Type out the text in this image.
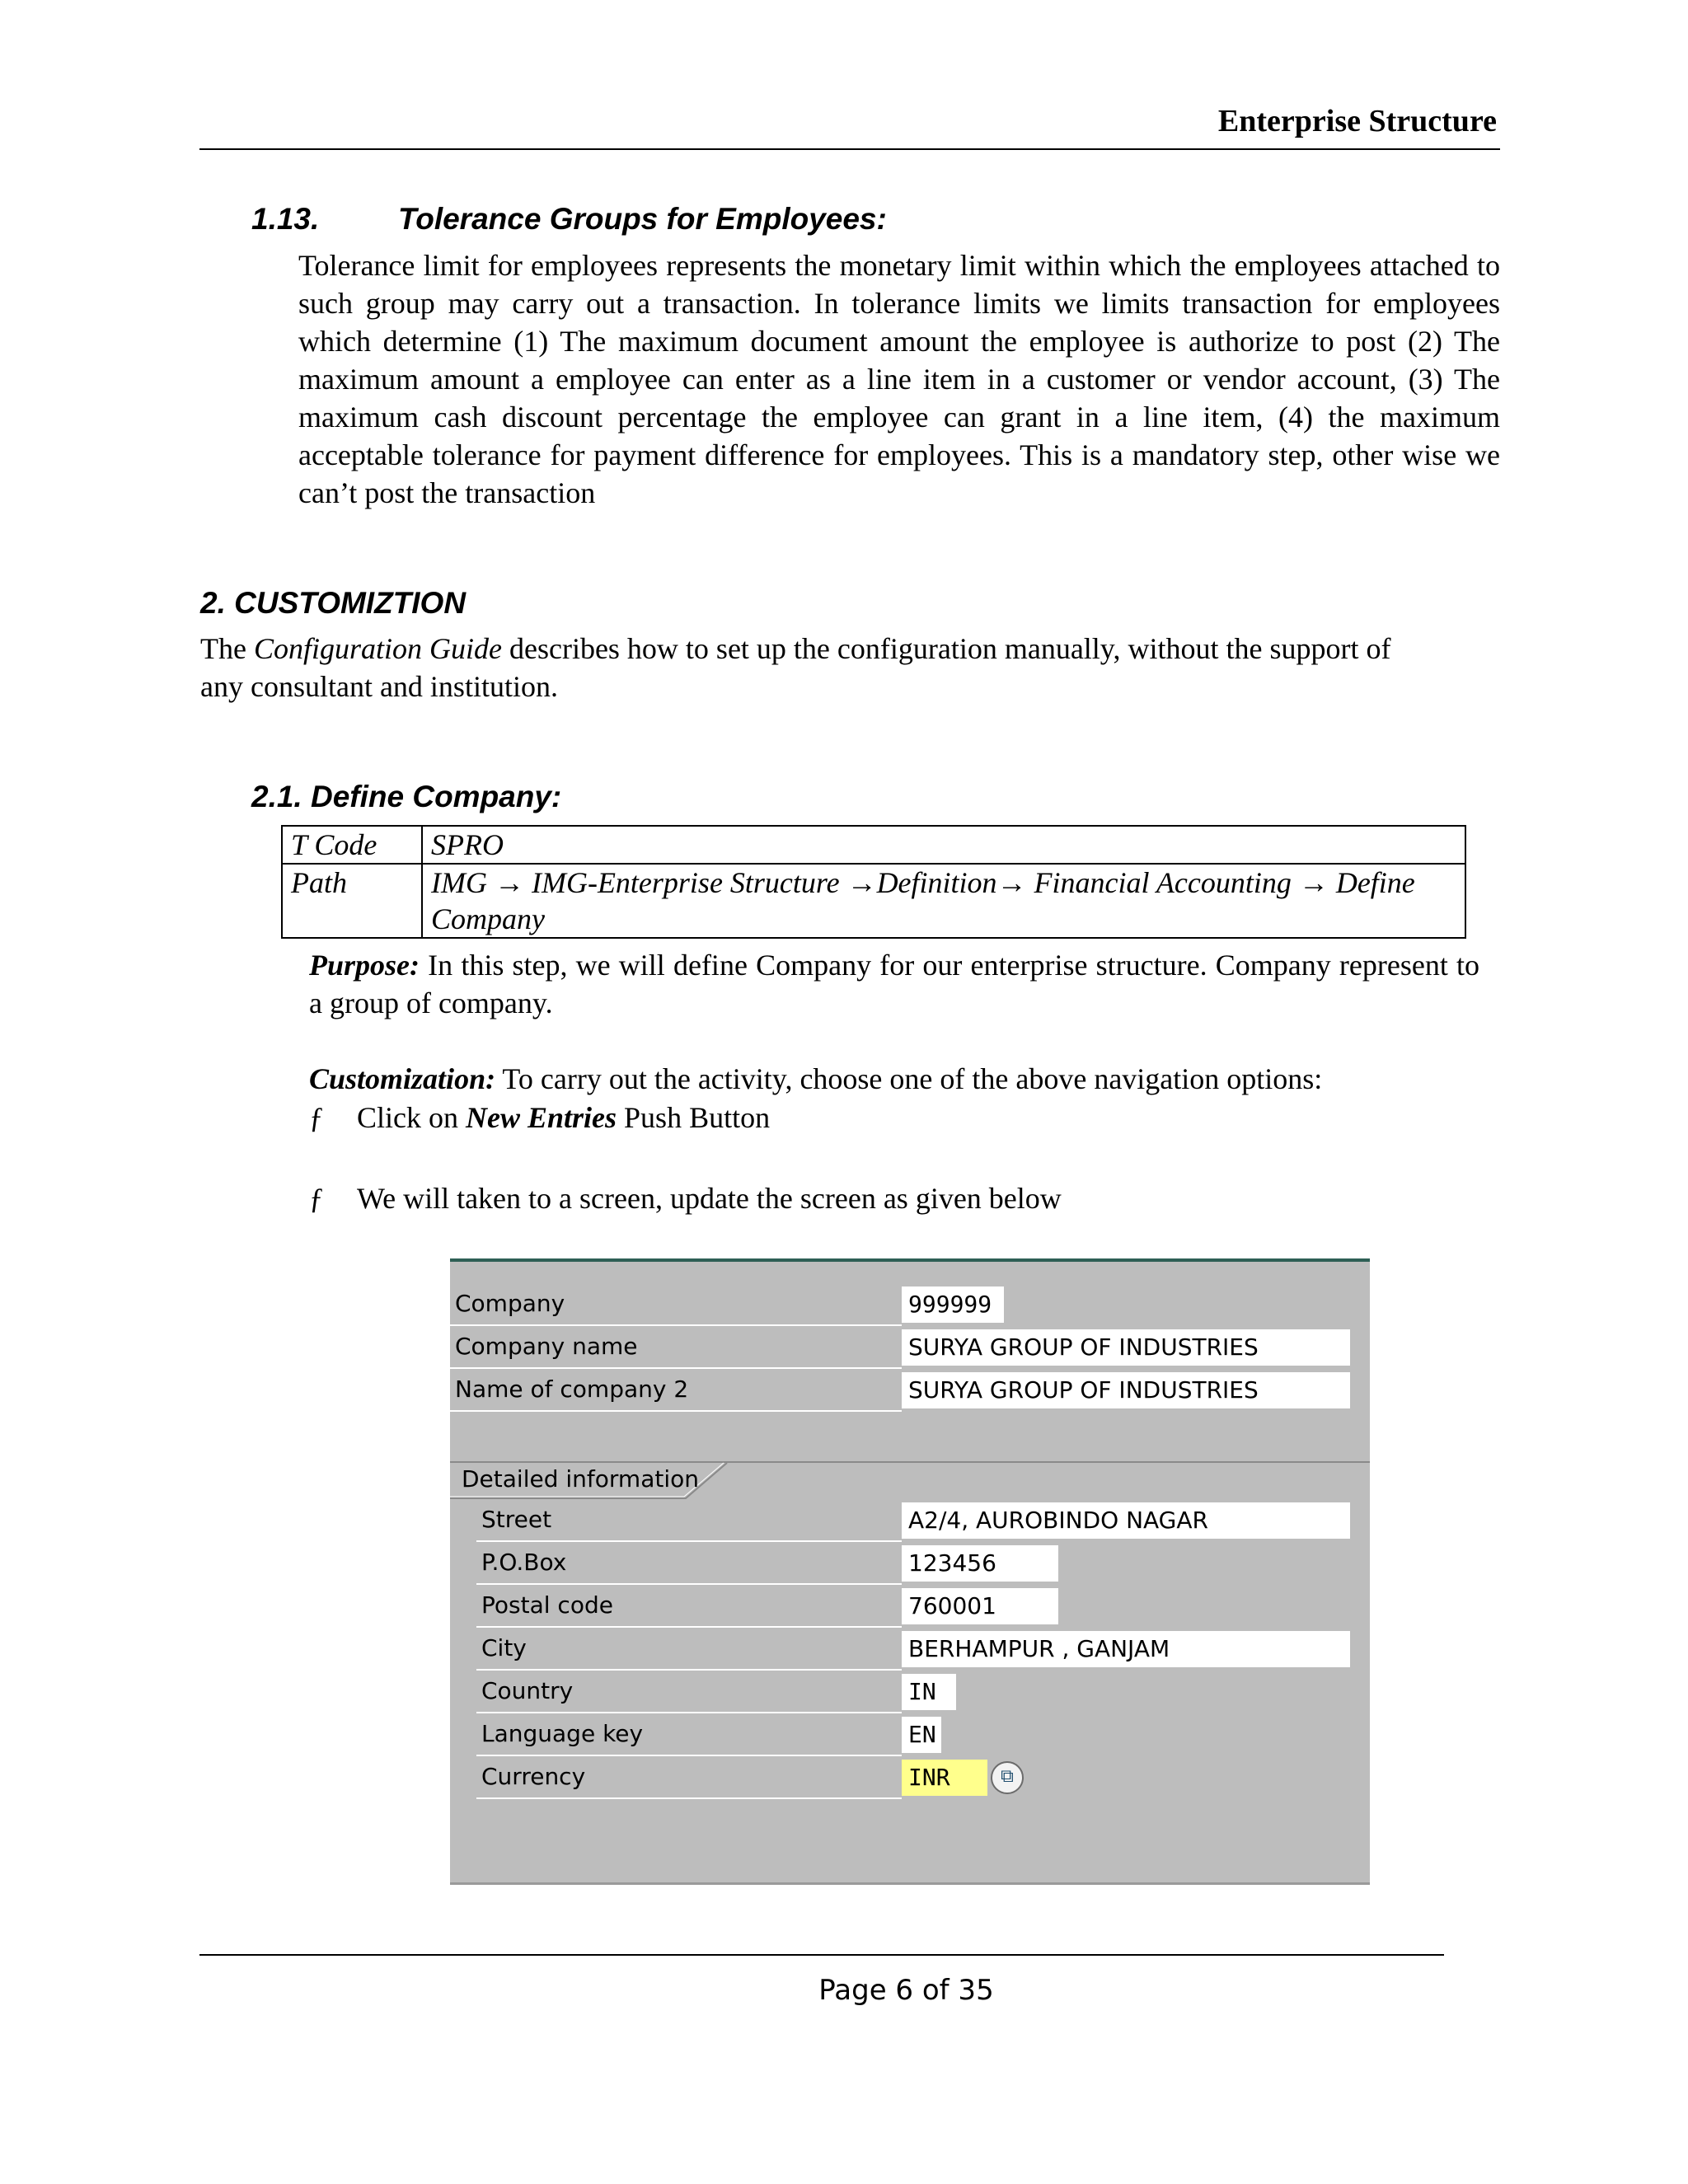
Enterprise Structure
1.13.	Tolerance Groups for Employees:
Tolerance limit for employees represents the monetary limit within which the employees attached to such group may carry out a transaction. In tolerance limits we limits transaction for employees which determine (1) The maximum document amount the employee is authorize to post (2) The maximum amount a employee can enter as a line item in a customer or vendor account, (3) The maximum cash discount percentage the employee can grant in a line item, (4) the maximum acceptable tolerance for payment difference for employees. This is a mandatory step, other wise we can’t post the transaction
2. CUSTOMIZTION
The Configuration Guide describes how to set up the configuration manually, without the support of any consultant and institution.
2.1. Define Company:
T Code	SPRO
Path	IMG → IMG-Enterprise Structure →Definition→ Financial Accounting → Define Company
Purpose: In this step, we will define Company for our enterprise structure. Company represent to a group of company.
Customization: To carry out the activity, choose one of the above navigation options:
ƒ Click on New Entries Push Button
ƒ We will taken to a screen, update the screen as given below
Company	999999
Company name	SURYA GROUP OF INDUSTRIES
Name of company 2	SURYA GROUP OF INDUSTRIES
Detailed information
Street	A2/4, AUROBINDO NAGAR
P.O.Box	123456
Postal code	760001
City	BERHAMPUR , GANJAM
Country	IN
Language key	EN
Currency	INR	⧉
Page 6 of 35
